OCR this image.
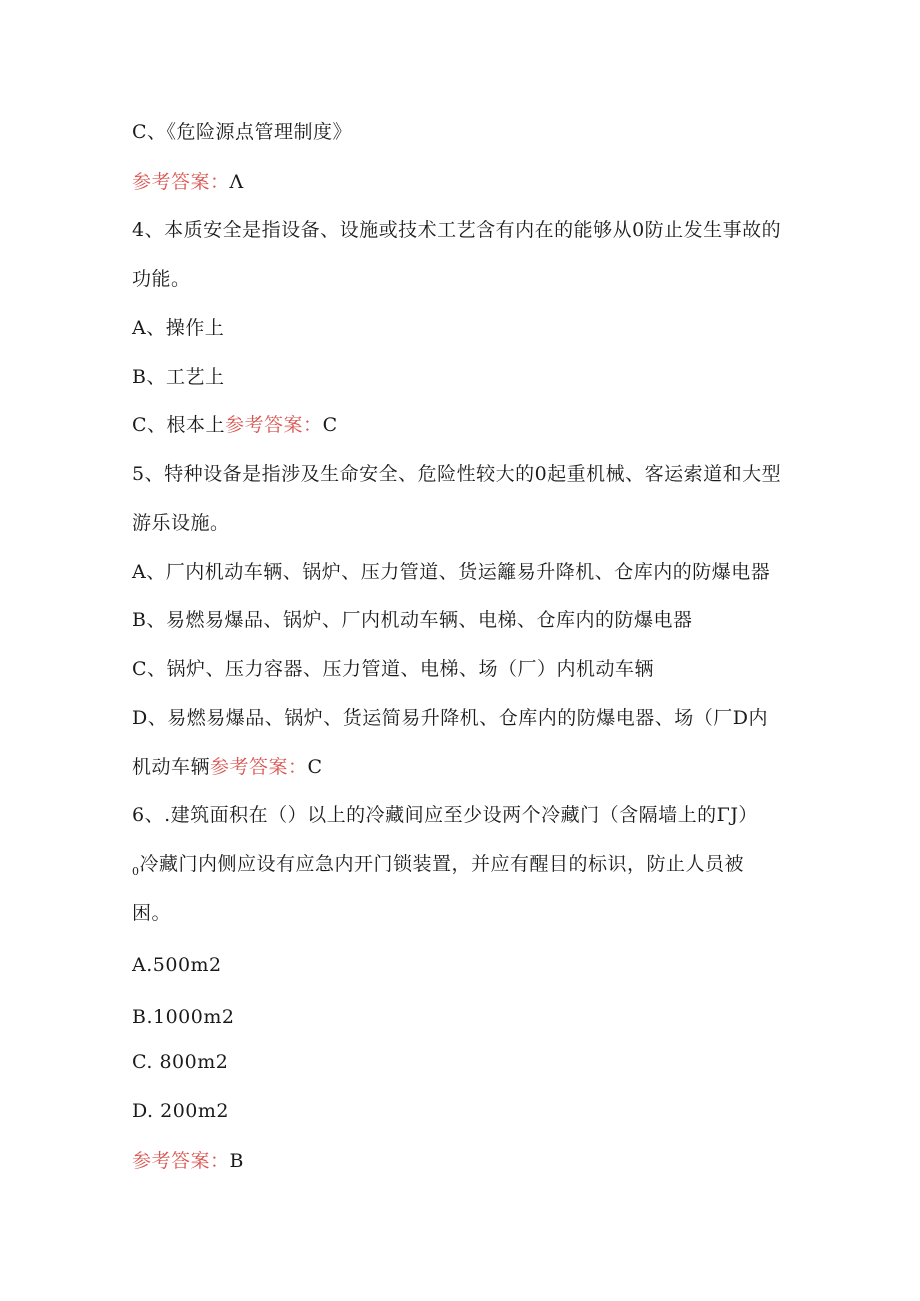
C、《危险源点管理制度》
参考答案：Λ
4、本质安全是指设备、设施或技术工艺含有内在的能够从0防止发生事故的
功能。
A、操作上
B、工艺上
C、根本上参考答案：C
5、特种设备是指涉及生命安全、危险性较大的0起重机械、客运索道和大型
游乐设施。
A、厂内机动车辆、锅炉、压力管道、货运籬易升降机、仓库内的防爆电器
B、易燃易爆品、锅炉、厂内机动车辆、电梯、仓库内的防爆电器
C、锅炉、压力容器、压力管道、电梯、场（厂）内机动车辆
D、易燃易爆品、锅炉、货运简易升降机、仓库内的防爆电器、场（厂D内
机动车辆参考答案：C
6、.建筑面积在（）以上的冷藏间应至少设两个冷藏门（含隔墙上的ΓJ）
$_0$冷藏门内侧应设有应急内开门锁装置，并应有醒目的标识，防止人员被
困。
A.500m2
B.1000m2
C. 800m2
D. 200m2
参考答案：B
